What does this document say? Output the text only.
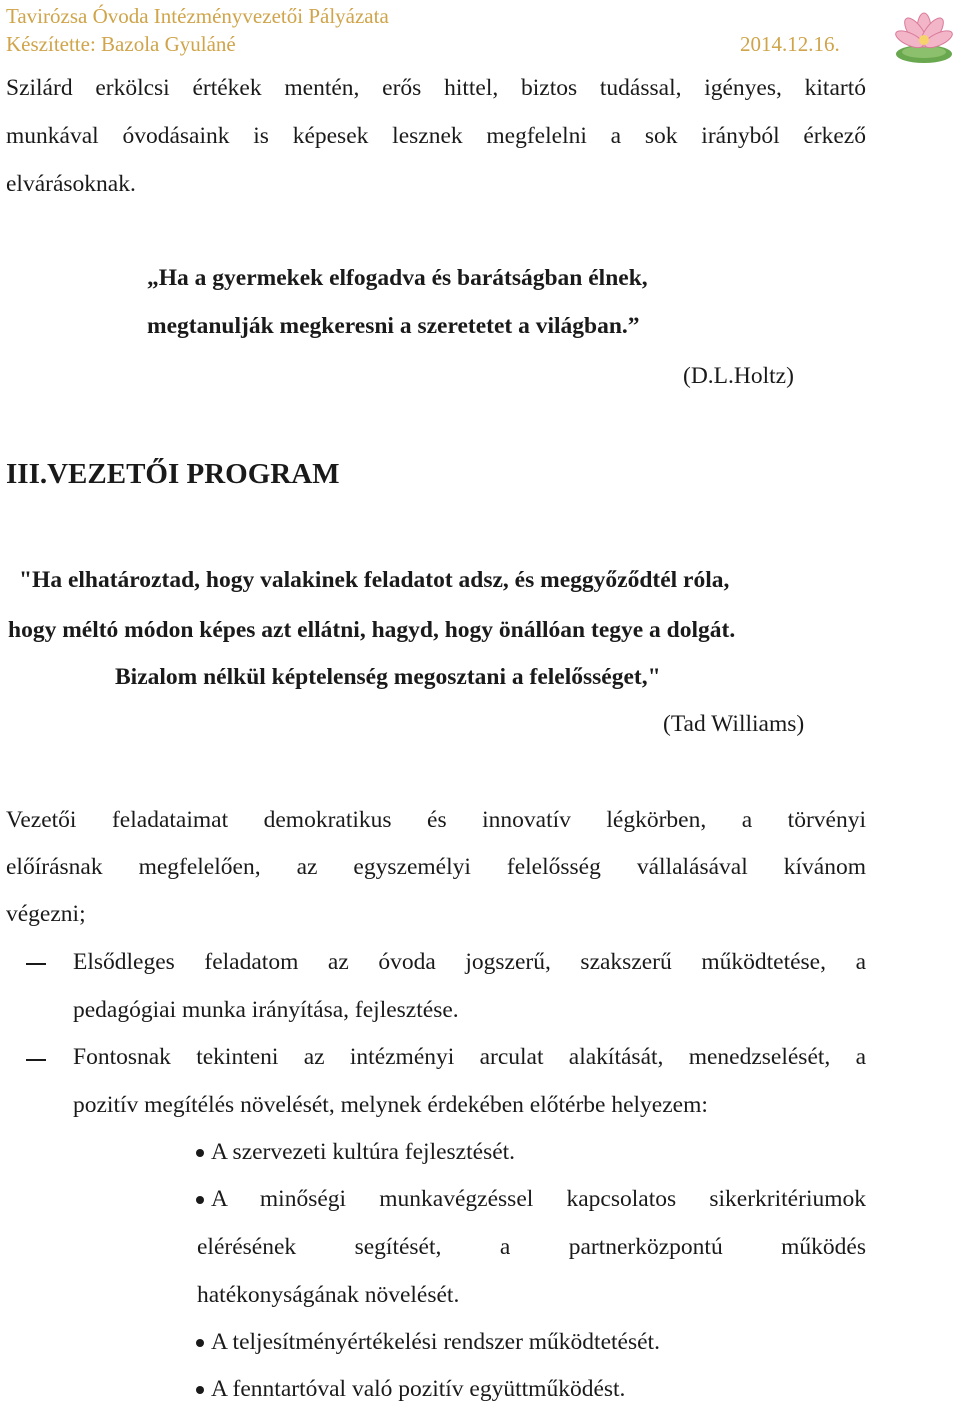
Tavirózsa Óvoda Intézményvezetői Pályázata
Készítette: Bazola Gyuláné	2014.12.16.
Szilárd erkölcsi értékek mentén, erős hittel, biztos tudással, igényes, kitartó
munkával óvodásaink is képesek lesznek megfelelni a sok irányból érkező
elvárásoknak.
„Ha a gyermekek elfogadva és barátságban élnek,
megtanulják megkeresni a szeretetet a világban.”
(D.L.Holtz)
III.VEZETŐI PROGRAM
"Ha elhatároztad, hogy valakinek feladatot adsz, és meggyőződtél róla,
hogy méltó módon képes azt ellátni, hagyd, hogy önállóan tegye a dolgát.
Bizalom nélkül képtelenség megosztani a felelősséget,"
(Tad Williams)
Vezetői feladataimat demokratikus és innovatív légkörben, a törvényi
előírásnak megfelelően, az egyszemélyi felelősség vállalásával kívánom
végezni;
Elsődleges feladatom az óvoda jogszerű, szakszerű működtetése, a
pedagógiai munka irányítása, fejlesztése.
Fontosnak tekinteni az intézményi arculat alakítását, menedzselését, a
pozitív megítélés növelését, melynek érdekében előtérbe helyezem:
A szervezeti kultúra fejlesztését.
A minőségi munkavégzéssel kapcsolatos sikerkritériumok
elérésének segítését, a partnerközpontú működés
hatékonyságának növelését.
A teljesítményértékelési rendszer működtetését.
A fenntartóval való pozitív együttműködést.
